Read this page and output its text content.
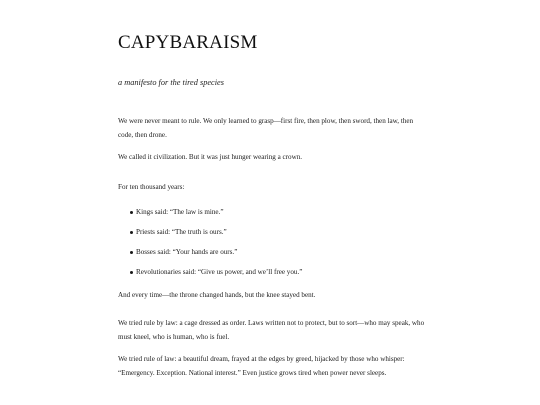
CAPYBARAISM

a manifesto for the tired species

We were never meant to rule. We only learned to grasp—first fire, then plow, then sword, then law, then code, then drone.

We called it civilization. But it was just hunger wearing a crown.

For ten thousand years:

Kings said: “The law is mine.”
Priests said: “The truth is ours.”
Bosses said: “Your hands are ours.”
Revolutionaries said: “Give us power, and we’ll free you.”

And every time—the throne changed hands, but the knee stayed bent.

We tried rule by law: a cage dressed as order. Laws written not to protect, but to sort—who may speak, who must kneel, who is human, who is fuel.

We tried rule of law: a beautiful dream, frayed at the edges by greed, hijacked by those who whisper: “Emergency. Exception. National interest.” Even justice grows tired when power never sleeps.
